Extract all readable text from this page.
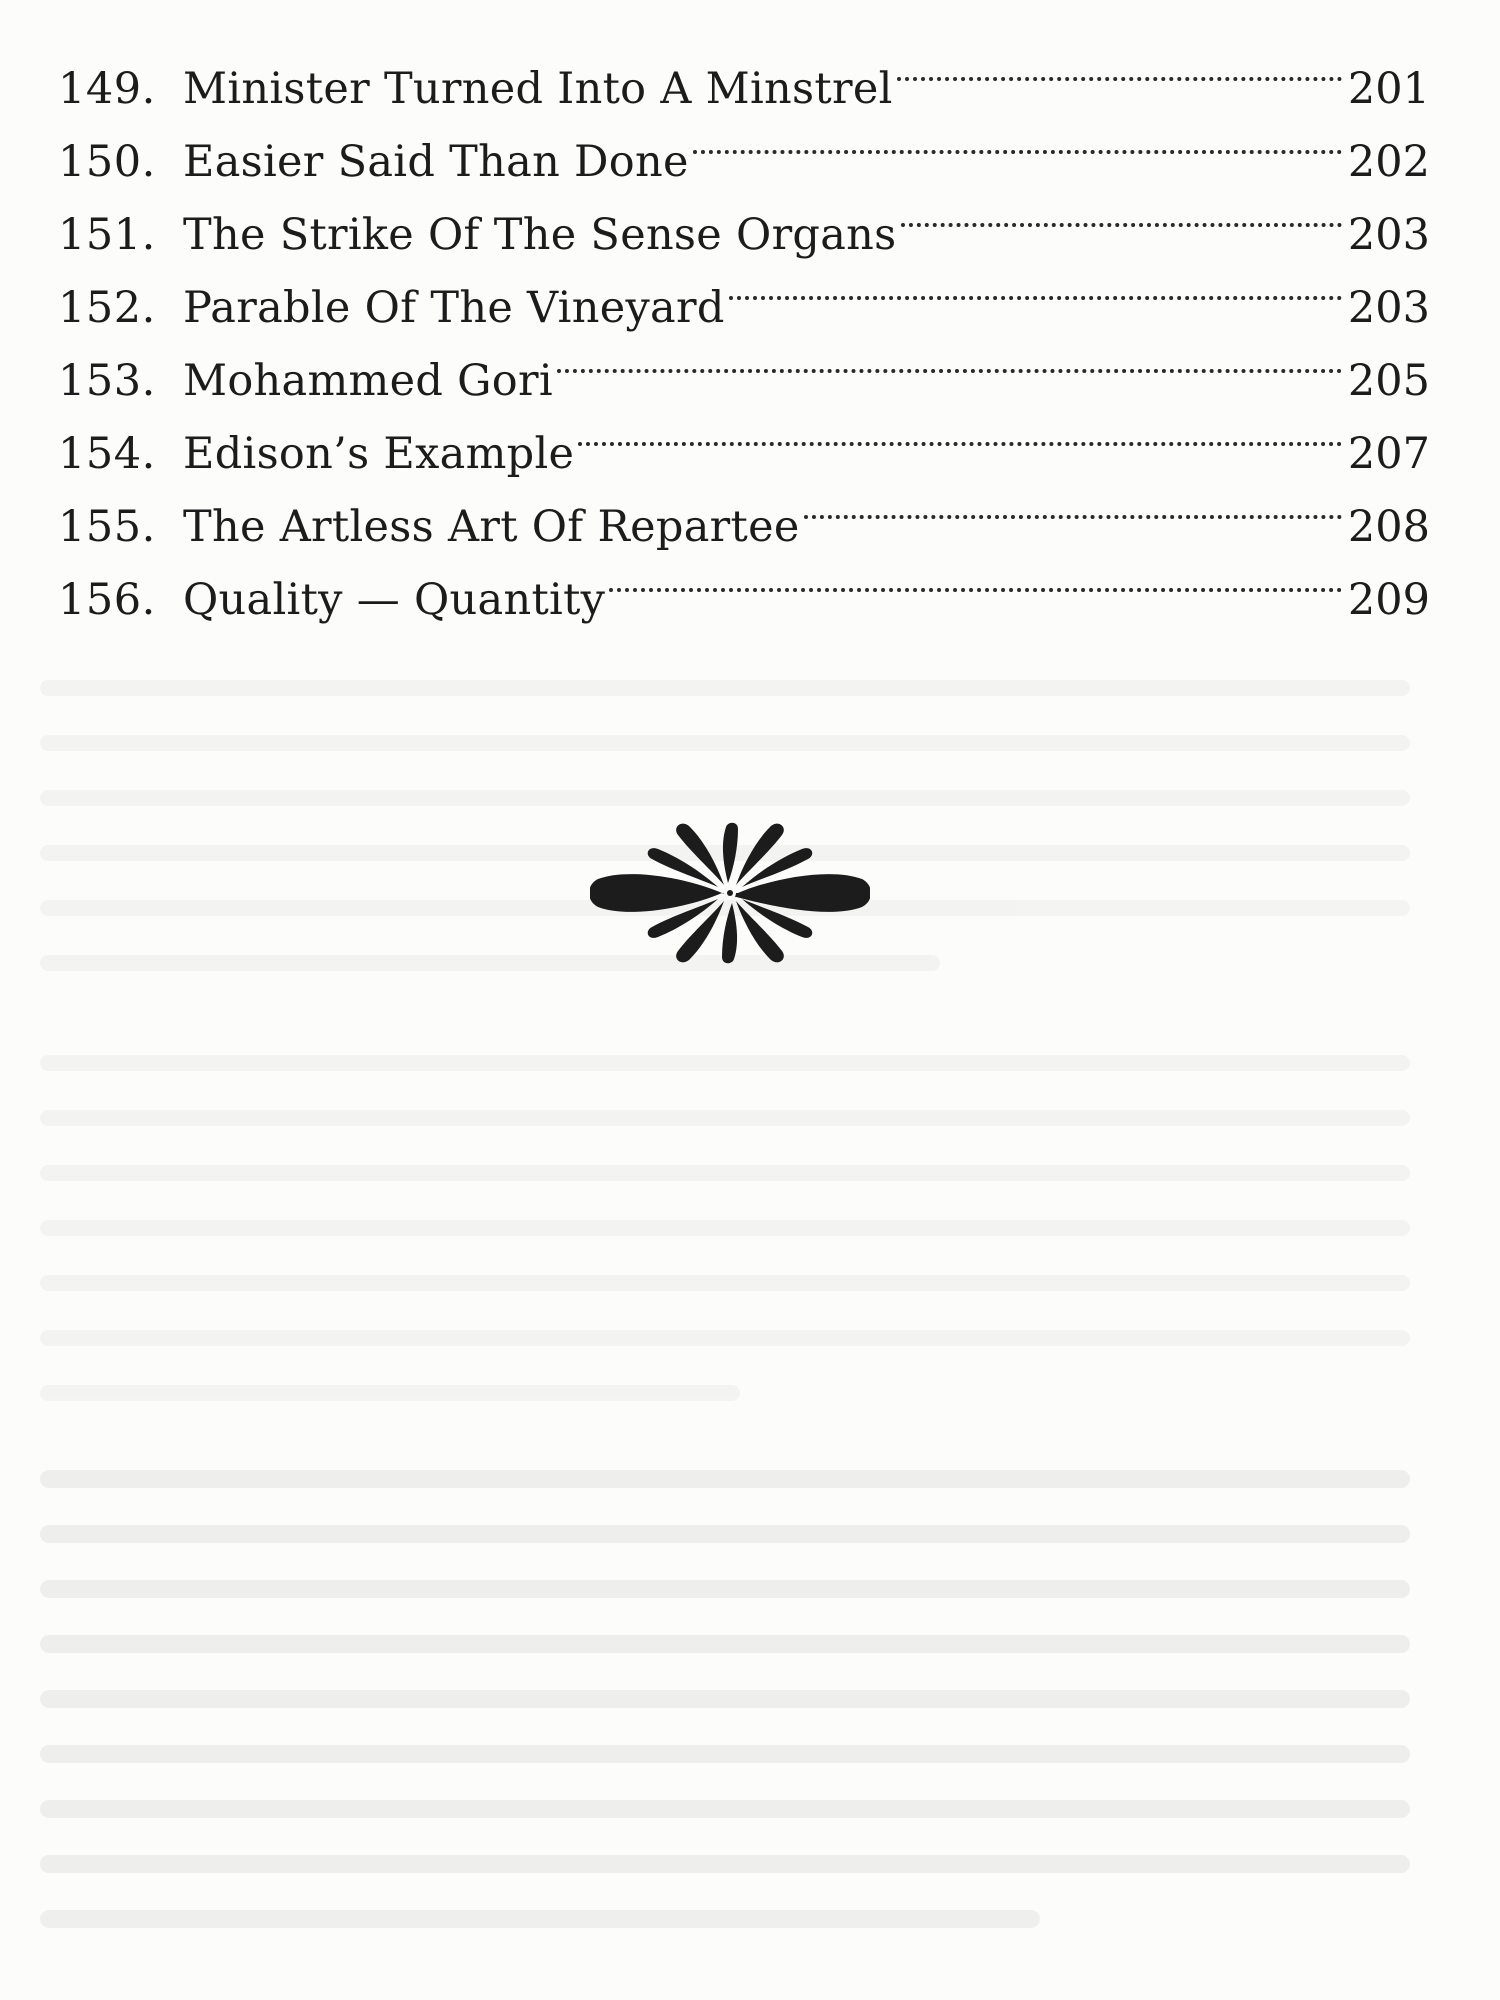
149. Minister Turned Into A Minstrel	201
150. Easier Said Than Done	202
151. The Strike Of The Sense Organs	203
152. Parable Of The Vineyard	203
153. Mohammed Gori	205
154. Edison’s Example	207
155. The Artless Art Of Repartee	208
156. Quality — Quantity	209
